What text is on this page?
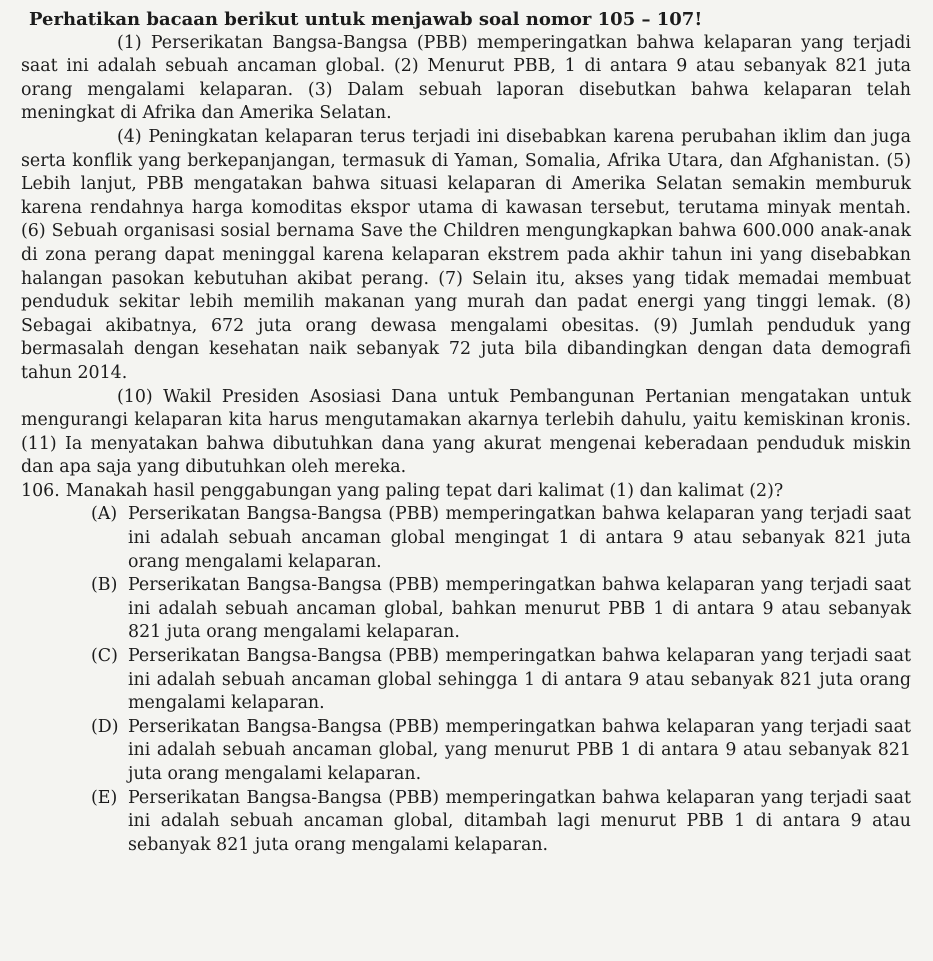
Perhatikan bacaan berikut untuk menjawab soal nomor 105 – 107!

(1) Perserikatan Bangsa-Bangsa (PBB) memperingatkan bahwa kelaparan yang terjadi saat ini adalah sebuah ancaman global. (2) Menurut PBB, 1 di antara 9 atau sebanyak 821 juta orang mengalami kelaparan. (3) Dalam sebuah laporan disebutkan bahwa kelaparan telah meningkat di Afrika dan Amerika Selatan.

(4) Peningkatan kelaparan terus terjadi ini disebabkan karena perubahan iklim dan juga serta konflik yang berkepanjangan, termasuk di Yaman, Somalia, Afrika Utara, dan Afghanistan. (5) Lebih lanjut, PBB mengatakan bahwa situasi kelaparan di Amerika Selatan semakin memburuk karena rendahnya harga komoditas ekspor utama di kawasan tersebut, terutama minyak mentah. (6) Sebuah organisasi sosial bernama Save the Children mengungkapkan bahwa 600.000 anak-anak di zona perang dapat meninggal karena kelaparan ekstrem pada akhir tahun ini yang disebabkan halangan pasokan kebutuhan akibat perang. (7) Selain itu, akses yang tidak memadai membuat penduduk sekitar lebih memilih makanan yang murah dan padat energi yang tinggi lemak. (8) Sebagai akibatnya, 672 juta orang dewasa mengalami obesitas. (9) Jumlah penduduk yang bermasalah dengan kesehatan naik sebanyak 72 juta bila dibandingkan dengan data demografi tahun 2014.

(10) Wakil Presiden Asosiasi Dana untuk Pembangunan Pertanian mengatakan untuk mengurangi kelaparan kita harus mengutamakan akarnya terlebih dahulu, yaitu kemiskinan kronis. (11) Ia menyatakan bahwa dibutuhkan dana yang akurat mengenai keberadaan penduduk miskin dan apa saja yang dibutuhkan oleh mereka.

106. Manakah hasil penggabungan yang paling tepat dari kalimat (1) dan kalimat (2)?

(A) Perserikatan Bangsa-Bangsa (PBB) memperingatkan bahwa kelaparan yang terjadi saat ini adalah sebuah ancaman global mengingat 1 di antara 9 atau sebanyak 821 juta orang mengalami kelaparan.
(B) Perserikatan Bangsa-Bangsa (PBB) memperingatkan bahwa kelaparan yang terjadi saat ini adalah sebuah ancaman global, bahkan menurut PBB 1 di antara 9 atau sebanyak 821 juta orang mengalami kelaparan.
(C) Perserikatan Bangsa-Bangsa (PBB) memperingatkan bahwa kelaparan yang terjadi saat ini adalah sebuah ancaman global sehingga 1 di antara 9 atau sebanyak 821 juta orang mengalami kelaparan.
(D) Perserikatan Bangsa-Bangsa (PBB) memperingatkan bahwa kelaparan yang terjadi saat ini adalah sebuah ancaman global, yang menurut PBB 1 di antara 9 atau sebanyak 821 juta orang mengalami kelaparan.
(E) Perserikatan Bangsa-Bangsa (PBB) memperingatkan bahwa kelaparan yang terjadi saat ini adalah sebuah ancaman global, ditambah lagi menurut PBB 1 di antara 9 atau sebanyak 821 juta orang mengalami kelaparan.
